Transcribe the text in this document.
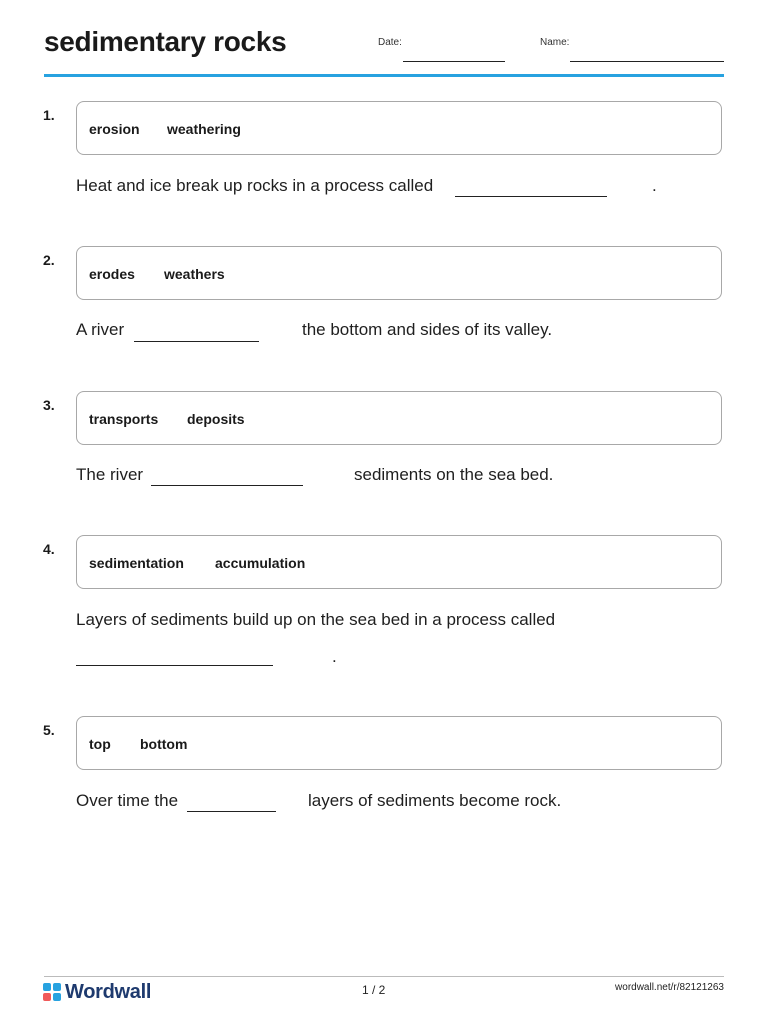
sedimentary rocks	Date:	Name:
1.
erosion weathering
Heat and ice break up rocks in a process called	.
2.
erodes weathers
A river	the bottom and sides of its valley.
3.
transports deposits
The river	sediments on the sea bed.
4.
sedimentation accumulation
Layers of sediments build up on the sea bed in a process called
.
5.
top bottom
Over time the	layers of sediments become rock.
Wordwall	1 / 2	wordwall.net/r/82121263
